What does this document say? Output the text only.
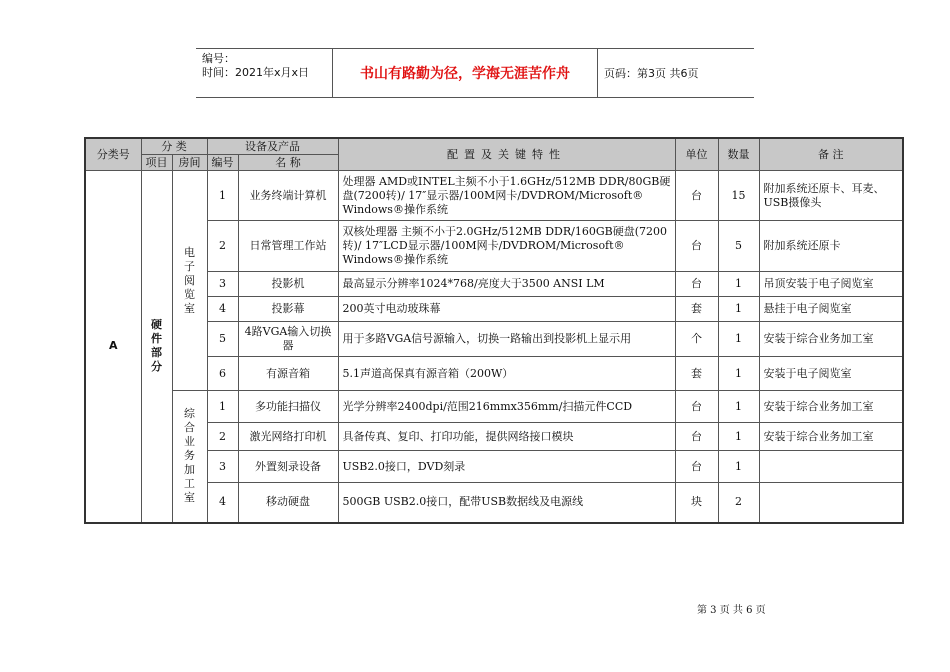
编号：
时间：2021年x月x日	书山有路勤为径，学海无涯苦作舟	页码：第3页 共6页
分类号	分 类		设备及产品		配置及关键特性	单位	数量	备 注
	项目	房间	编号	名 称				
A	硬件部分	电子阅览室	1	业务终端计算机	处理器 AMD或INTEL主频不小于1.6GHz/512MB DDR/80GB硬盘(7200转)/ 17″显示器/100M网卡/DVDROM/Microsoft® Windows®操作系统	台	15	附加系统还原卡、耳麦、USB摄像头
			2	日常管理工作站	双核处理器 主频不小于2.0GHz/512MB DDR/160GB硬盘(7200转)/ 17″LCD显示器/100M网卡/DVDROM/Microsoft® Windows®操作系统	台	5	附加系统还原卡
			3	投影机	最高显示分辨率1024*768/亮度大于3500 ANSI LM	台	1	吊顶安装于电子阅览室
			4	投影幕	200英寸电动玻珠幕	套	1	悬挂于电子阅览室
			5	4路VGA输入切换器	用于多路VGA信号源输入，切换一路输出到投影机上显示用	个	1	安装于综合业务加工室
			6	有源音箱	5.1声道高保真有源音箱（200W）	套	1	安装于电子阅览室

		综合业务加工室	1	多功能扫描仪	光学分辨率2400dpi/范围216mmx356mm/扫描元件CCD	台	1	安装于综合业务加工室
			2	激光网络打印机	具备传真、复印、打印功能，提供网络接口模块	台	1	安装于综合业务加工室
			3	外置刻录设备	USB2.0接口，DVD刻录	台	1	
			4	移动硬盘	500GB USB2.0接口，配带USB数据线及电源线	块	2	
第 3 页 共 6 页
